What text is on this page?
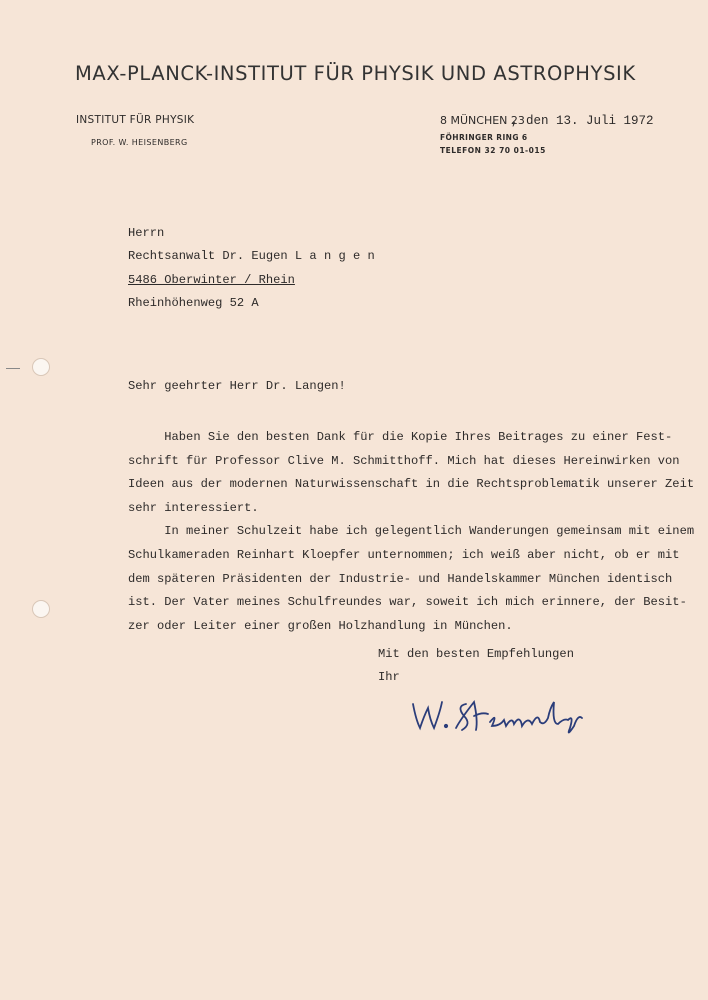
MAX-PLANCK-INSTITUT FÜR PHYSIK UND ASTROPHYSIK
INSTITUT FÜR PHYSIK
PROF. W. HEISENBERG
8 MÜNCHEN 23
, den 13. Juli 1972
FÖHRINGER RING 6
TELEFON 32 70 01-015
Herrn
Rechtsanwalt Dr. Eugen L a n g e n
5486 Oberwinter / Rhein
Rheinhöhenweg 52 A
Sehr geehrter Herr Dr. Langen!
Haben Sie den besten Dank für die Kopie Ihres Beitrages zu einer Fest-
schrift für Professor Clive M. Schmitthoff. Mich hat dieses Hereinwirken von
Ideen aus der modernen Naturwissenschaft in die Rechtsproblematik unserer Zeit
sehr interessiert.
In meiner Schulzeit habe ich gelegentlich Wanderungen gemeinsam mit einem
Schulkameraden Reinhart Kloepfer unternommen; ich weiß aber nicht, ob er mit
dem späteren Präsidenten der Industrie- und Handelskammer München identisch
ist. Der Vater meines Schulfreundes war, soweit ich mich erinnere, der Besit-
zer oder Leiter einer großen Holzhandlung in München.
Mit den besten Empfehlungen
Ihr
